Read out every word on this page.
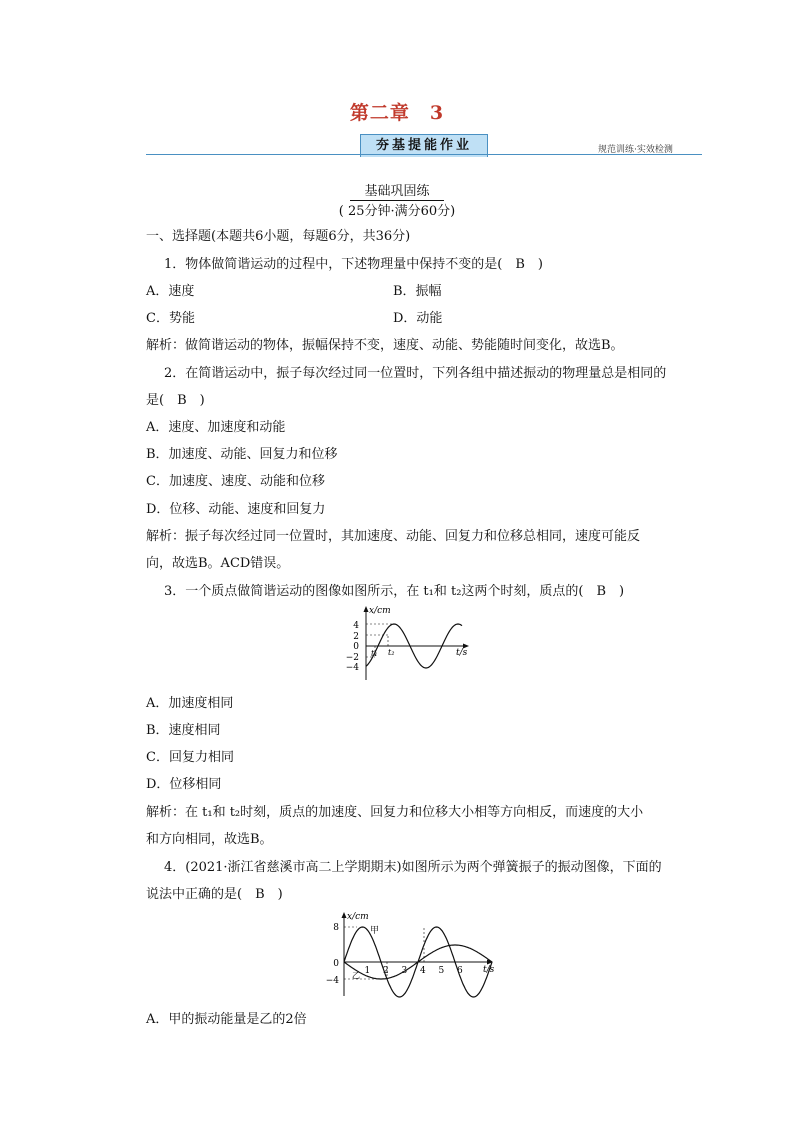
第二章　3
夯基提能作业	规范训练·实效检测
基础巩固练
( 25分钟·满分60分)
一、选择题(本题共6小题，每题6分，共36分)
1．物体做简谐运动的过程中，下述物理量中保持不变的是(　B　)
A．速度	B．振幅
C．势能	D．动能
解析：做简谐运动的物体，振幅保持不变，速度、动能、势能随时间变化，故选B。
2．在简谐运动中，振子每次经过同一位置时，下列各组中描述振动的物理量总是相同的
是(　B　)
A．速度、加速度和动能
B．加速度、动能、回复力和位移
C．加速度、速度、动能和位移
D．位移、动能、速度和回复力
解析：振子每次经过同一位置时，其加速度、动能、回复力和位移总相同，速度可能反
向，故选B。ACD错误。
3．一个质点做简谐运动的图像如图所示，在 t₁和 t₂这两个时刻，质点的(　B　)
x/cm
t/s
4
2
0
−2
−4
t₁ t₂
A．加速度相同
B．速度相同
C．回复力相同
D．位移相同
解析：在 t₁和 t₂时刻，质点的加速度、回复力和位移大小相等方向相反，而速度的大小
和方向相同，故选B。
4．(2021·浙江省慈溪市高二上学期期末)如图所示为两个弹簧振子的振动图像，下面的
说法中正确的是(　B　)
x/cm
t/s
8
0
−4
1 2 3 4 5 6
甲
乙
A．甲的振动能量是乙的2倍
